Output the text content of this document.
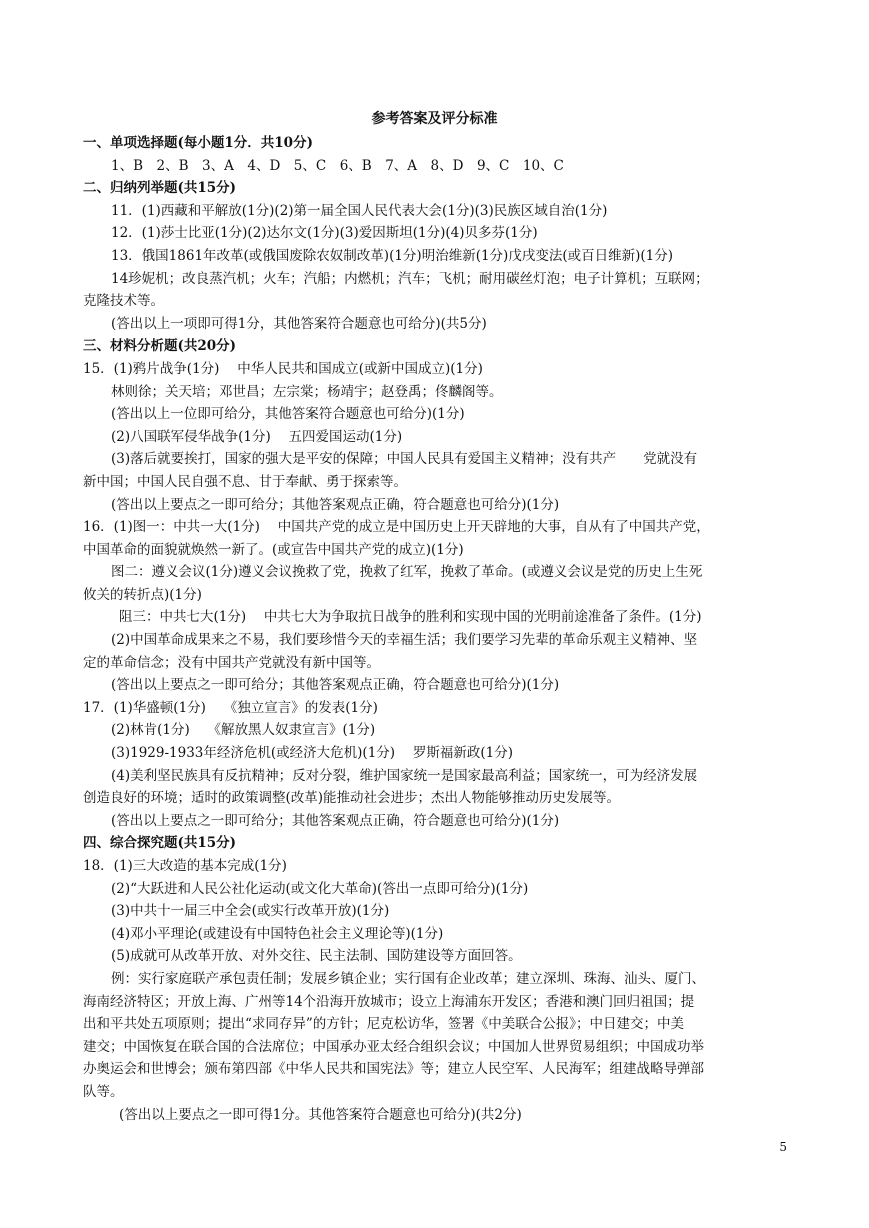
参考答案及评分标准
一、单项选择题(每小题1分．共10分)
1、B　2、B　3、A　4、D　5、C　6、B　7、A　8、D　9、C　10、C
二、归纳列举题(共15分)
11．(1)西藏和平解放(1分)(2)第一届全国人民代表大会(1分)(3)民族区域自治(1分)
12．(1)莎士比亚(1分)(2)达尔文(1分)(3)爱因斯坦(1分)(4)贝多芬(1分)
13．俄国1861年改革(或俄国废除农奴制改革)(1分)明治维新(1分)戊戌变法(或百日维新)(1分)
14珍妮机；改良蒸汽机；火车；汽船；内燃机；汽车；飞机；耐用碳丝灯泡；电子计算机；互联网；
克隆技术等。
(答出以上一项即可得1分，其他答案符合题意也可给分)(共5分)
三、材料分析题(共20分)
15．(1)鸦片战争(1分)　 中华人民共和国成立(或新中国成立)(1分)
林则徐；关天培；邓世昌；左宗棠；杨靖宇；赵登禹；佟麟阁等。
(答出以上一位即可给分，其他答案符合题意也可给分)(1分)
(2)八国联军侵华战争(1分)　 五四爱国运动(1分)
(3)落后就要挨打，国家的强大是平安的保障；中国人民具有爱国主义精神；没有共产　　党就没有
新中国；中国人民自强不息、甘于奉献、勇于探索等。
(答出以上要点之一即可给分；其他答案观点正确，符合题意也可给分)(1分)
16．(1)图一：中共一大(1分)　 中国共产党的成立是中国历史上开天辟地的大事，自从有了中国共产党，
中国革命的面貌就焕然一新了。(或宣告中国共产党的成立)(1分)
图二：遵义会议(1分)遵义会议挽救了党，挽救了红军，挽救了革命。(或遵义会议是党的历史上生死
攸关的转折点)(1分)
阻三：中共七大(1分)　 中共七大为争取抗日战争的胜利和实现中国的光明前途准备了条件。(1分)
(2)中国革命成果来之不易，我们要珍惜今天的幸福生活；我们要学习先辈的革命乐观主义精神、坚
定的革命信念；没有中国共产党就没有新中国等。
(答出以上要点之一即可给分；其他答案观点正确，符合题意也可给分)(1分)
17．(1)华盛顿(1分)　 《独立宣言》的发表(1分)
(2)林肯(1分)　 《解放黑人奴隶宣言》(1分)
(3)1929-1933年经济危机(或经济大危机)(1分)　 罗斯福新政(1分)
(4)美利坚民族具有反抗精神；反对分裂，维护国家统一是国家最高利益；国家统一，可为经济发展
创造良好的环境；适时的政策调整(改革)能推动社会进步；杰出人物能够推动历史发展等。
(答出以上要点之一即可给分；其他答案观点正确，符合题意也可给分)(1分)
四、综合探究题(共15分)
18．(1)三大改造的基本完成(1分)
(2)“大跃进和人民公社化运动(或文化大革命)(答出一点即可给分)(1分)
(3)中共十一届三中全会(或实行改革开放)(1分)
(4)邓小平理论(或建设有中国特色社会主义理论等)(1分)
(5)成就可从改革开放、对外交往、民主法制、国防建设等方面回答。
例：实行家庭联产承包责任制；发展乡镇企业；实行国有企业改革；建立深圳、珠海、汕头、厦门、
海南经济特区；开放上海、广州等14个沿海开放城市；设立上海浦东开发区；香港和澳门回归祖国；提
出和平共处五项原则；提出“求同存异”的方针；尼克松访华，签署《中美联合公报》；中日建交；中美
建交；中国恢复在联合国的合法席位；中国承办亚太经合组织会议；中国加人世界贸易组织；中国成功举
办奥运会和世博会；颁布第四部《中华人民共和国宪法》等；建立人民空军、人民海军；组建战略导弹部
队等。
(答出以上要点之一即可得1分。其他答案符合题意也可给分)(共2分)
5
